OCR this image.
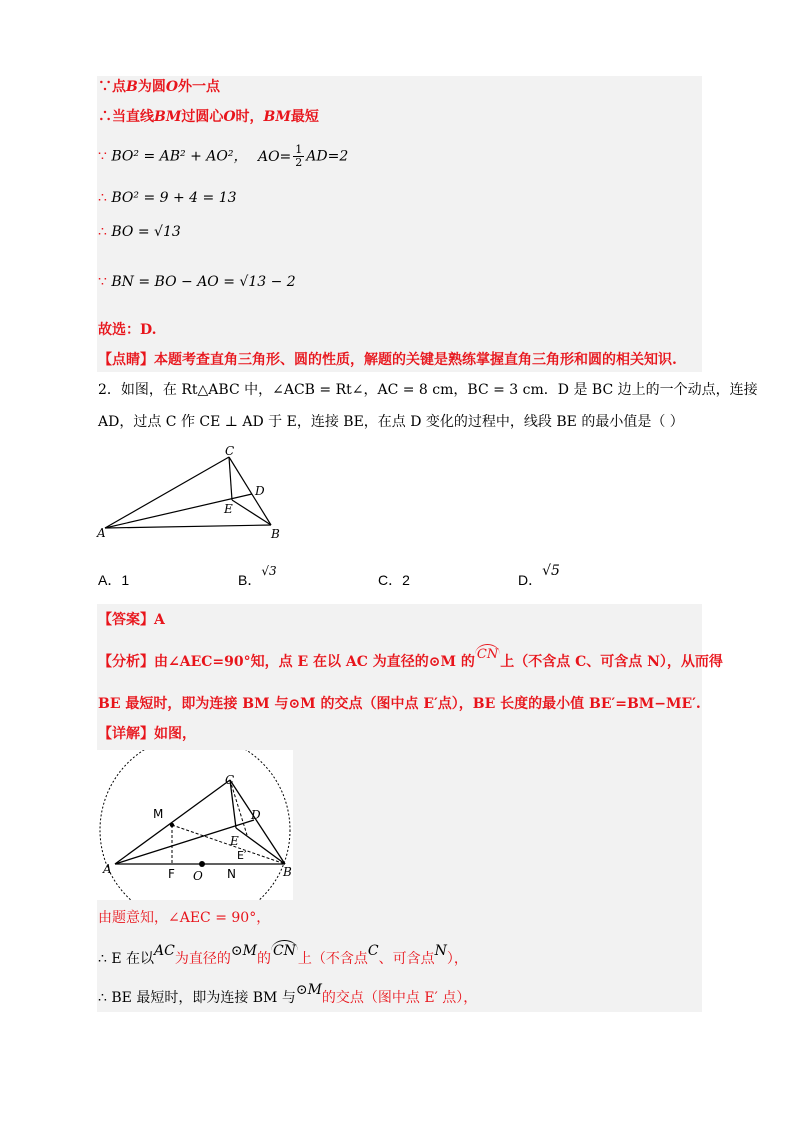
∵点B为圆O外一点
∴当直线BM过圆心O时，BM最短
∵ BO² = AB² + AO²， $AO= \frac{1}{2} AD=2$
∴ BO² = 9 + 4 = 13
∴ BO = √13
∵ BN = BO − AO = √13 − 2
故选：D.
【点睛】本题考查直角三角形、圆的性质，解题的关键是熟练掌握直角三角形和圆的相关知识.
2．如图，在 Rt△ABC 中，∠ACB = Rt∠，AC = 8 cm，BC = 3 cm．D 是 BC 边上的一个动点，连接
AD，过点 C 作 CE ⊥ AD 于 E，连接 BE，在点 D 变化的过程中，线段 BE 的最小值是（ ）
A	B
C
D
E
A．1	B．√3
C．2	D．√5
【答案】A
【分析】由∠AEC=90°知，点 E 在以 AC 为直径的⊙M 的 CN 上（不含点 C、可含点 N），从而得
BE 最短时，即为连接 BM 与⊙M 的交点（图中点 E′点），BE 长度的最小值 BE′=BM−ME′.
【详解】如图，
A	B
C
D
E
E′
M
F O N
由题意知，∠AEC = 90°，
∴ E 在以AC为直径的⊙M的 CN 上（不含点C、可含点N），
∴ BE 最短时，即为连接 BM 与⊙M的交点（图中点 E′ 点），
